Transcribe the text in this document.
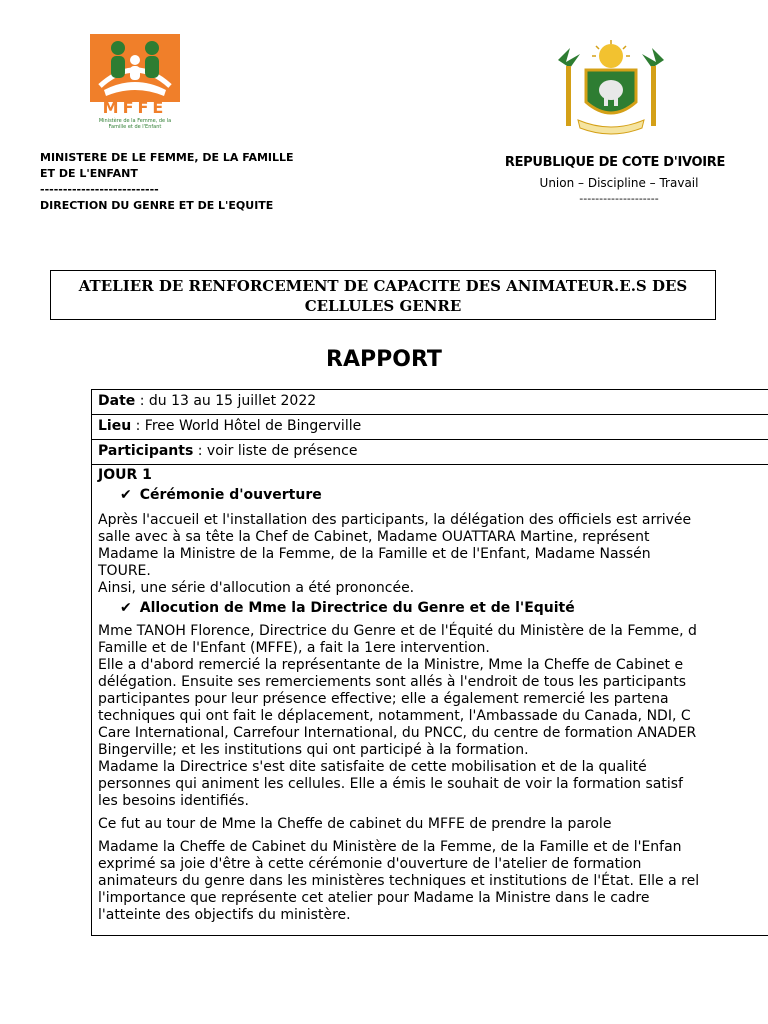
MFFE
Ministère de la Femme, de la Famille et de l'Enfant
MINISTERE DE LE FEMME, DE LA FAMILLE
ET DE L'ENFANT
--------------------------
DIRECTION DU GENRE ET DE L'EQUITE
REPUBLIQUE DE COTE D'IVOIRE
Union – Discipline – Travail
--------------------
ATELIER DE RENFORCEMENT DE CAPACITE DES ANIMATEUR.E.S DES
CELLULES GENRE
RAPPORT
Date : du 13 au 15 juillet 2022
Lieu : Free World Hôtel de Bingerville
Participants : voir liste de présence
JOUR 1
✔ Cérémonie d'ouverture
Après l'accueil et l'installation des participants, la délégation des officiels est arrivée
salle avec à sa tête la Chef de Cabinet, Madame OUATTARA Martine, représent
Madame la Ministre de la Femme, de la Famille et de l'Enfant, Madame Nassén
TOURE.
Ainsi, une série d'allocution a été prononcée.
✔ Allocution de Mme la Directrice du Genre et de l'Equité
Mme TANOH Florence, Directrice du Genre et de l'Équité du Ministère de la Femme, d
Famille et de l'Enfant (MFFE), a fait la 1ere intervention.
Elle a d'abord remercié la représentante de la Ministre, Mme la Cheffe de Cabinet e
délégation. Ensuite ses remerciements sont allés à l'endroit de tous les participants
participantes pour leur présence effective; elle a également remercié les partena
techniques qui ont fait le déplacement, notamment, l'Ambassade du Canada, NDI, C
Care International, Carrefour International, du PNCC, du centre de formation ANADER
Bingerville; et les institutions qui ont participé à la formation.
Madame la Directrice s'est dite satisfaite de cette mobilisation et de la qualité
personnes qui animent les cellules. Elle a émis le souhait de voir la formation satisf
les besoins identifiés.
Ce fut au tour de Mme la Cheffe de cabinet du MFFE de prendre la parole
Madame la Cheffe de Cabinet du Ministère de la Femme, de la Famille et de l'Enfan
exprimé sa joie d'être à cette cérémonie d'ouverture de l'atelier de formation
animateurs du genre dans les ministères techniques et institutions de l'État. Elle a rel
l'importance que représente cet atelier pour Madame la Ministre dans le cadre
l'atteinte des objectifs du ministère.
